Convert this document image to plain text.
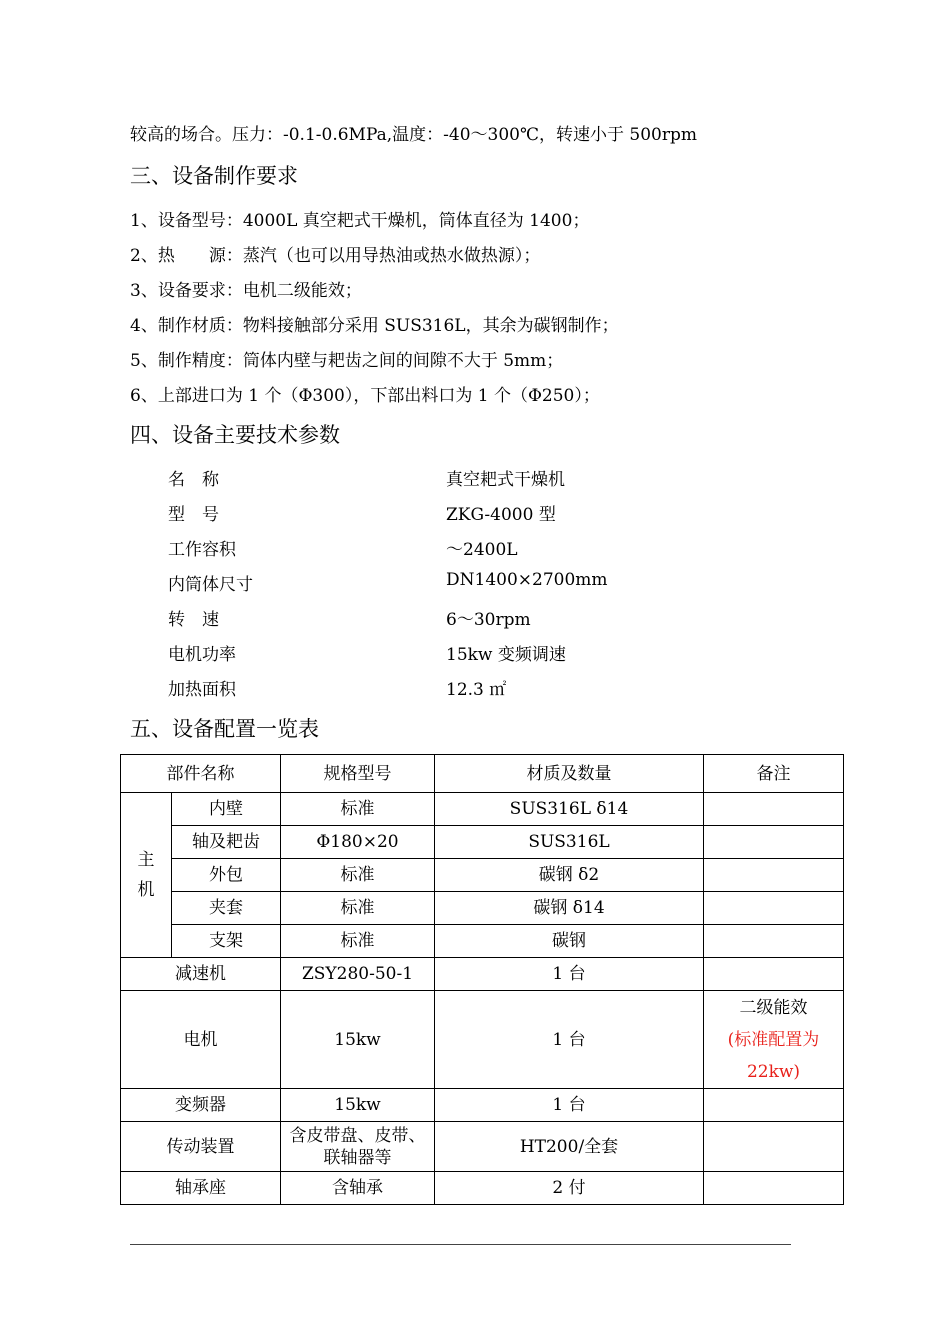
较高的场合。压力：-0.1-0.6MPa,温度：-40～300℃，转速小于 500rpm
三、设备制作要求
1、设备型号：4000L 真空耙式干燥机，筒体直径为 1400；
2、热　　源：蒸汽（也可以用导热油或热水做热源）；
3、设备要求：电机二级能效；
4、制作材质：物料接触部分采用 SUS316L，其余为碳钢制作；
5、制作精度：筒体内壁与耙齿之间的间隙不大于 5mm；
6、上部进口为 1 个（Φ300），下部出料口为 1 个（Φ250）；
四、设备主要技术参数
名　称	真空耙式干燥机
型　号	ZKG-4000 型
工作容积	～2400L
内筒体尺寸	DN1400×2700mm
转　速	6～30rpm
电机功率	15kw 变频调速
加热面积	12.3 ㎡
五、设备配置一览表
部件名称		规格型号	材质及数量	备注
主机	内壁	标准	SUS316L δ14	
	轴及耙齿	Φ180×20	SUS316L	
	外包	标准	碳钢 δ2	
	夹套	标准	碳钢 δ14	
	支架	标准	碳钢	
减速机		ZSY280-50-1	1 台	
电机		15kw	1 台	二级能效
(标准配置为 22kw)

变频器		15kw	1 台	
传动装置		含皮带盘、皮带、联轴器等	HT200/全套	
轴承座		含轴承	2 付	
